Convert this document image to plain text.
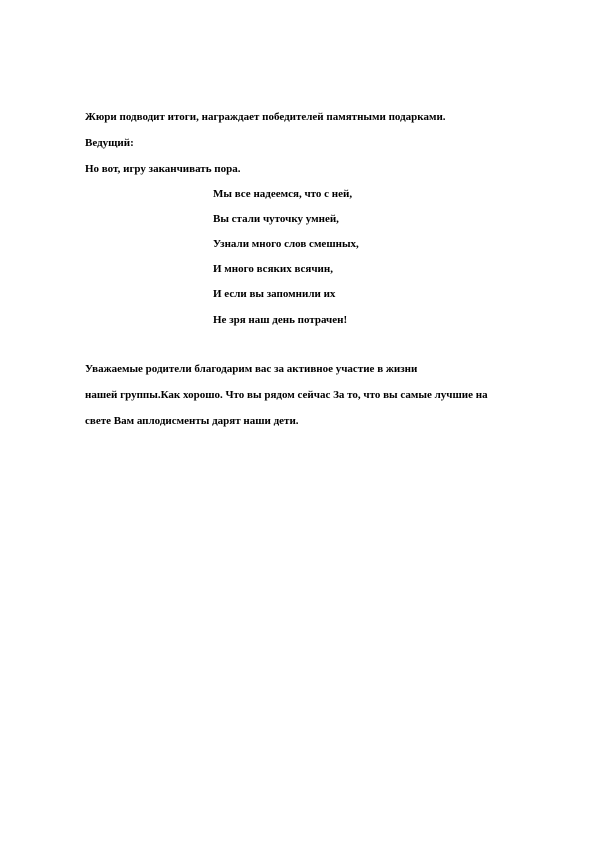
Жюри подводит итоги, награждает победителей памятными подарками.
Ведущий:
Но вот, игру заканчивать пора.
Мы все надеемся, что с ней,
Вы стали чуточку умней,
Узнали много слов смешных,
И много всяких всячин,
И если вы запомнили их
Не зря наш день потрачен!
Уважаемые родители благодарим вас за активное участие в жизни
нашей группы.Как хорошо. Что вы рядом сейчас За то, что вы самые лучшие на
свете Вам аплодисменты дарят наши дети.
